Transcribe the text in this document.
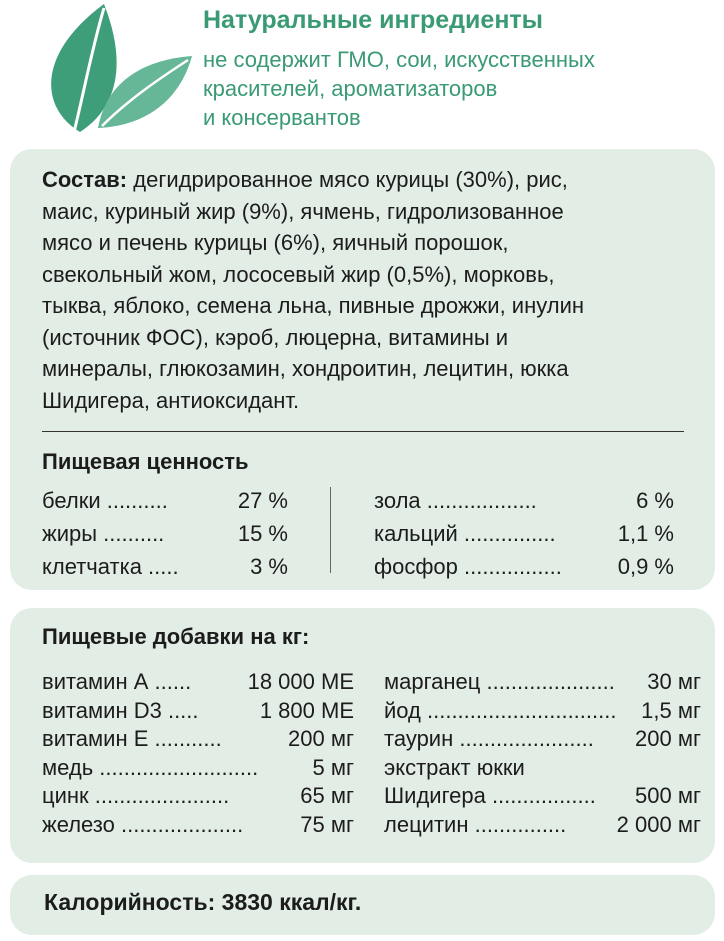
Натуральные ингредиенты
не содержит ГМО, сои, искусственных
красителей, ароматизаторов
и консервантов
Состав: дегидрированное мясо курицы (30%), рис,
маис, куриный жир (9%), ячмень, гидролизованное
мясо и печень курицы (6%), яичный порошок,
свекольный жом, лососевый жир (0,5%), морковь,
тыква, яблоко, семена льна, пивные дрожжи, инулин
(источник ФОС), кэроб, люцерна, витамины и
минералы, глюкозамин, хондроитин, лецитин, юкка
Шидигера, антиоксидант.
Пищевая ценность
белки ..........	27 %
жиры ..........	15 %
клетчатка .....	3 %
зола ..................	6 %
кальций ...............	1,1 %
фосфор ................	0,9 %
Пищевые добавки на кг:
витамин А ......	18 000 МЕ
витамин D3 .....	1 800 МЕ
витамин Е ...........	200 мг
медь .......................... 5 мг
цинк ......................	65 мг
железо ....................	75 мг
марганец ..................... 30 мг
йод ............................... 1,5 мг
таурин ...................... 200 мг
экстракт юкки
Шидигера ................. 500 мг
лецитин ............... 2 000 мг
Калорийность: 3830 ккал/кг.
